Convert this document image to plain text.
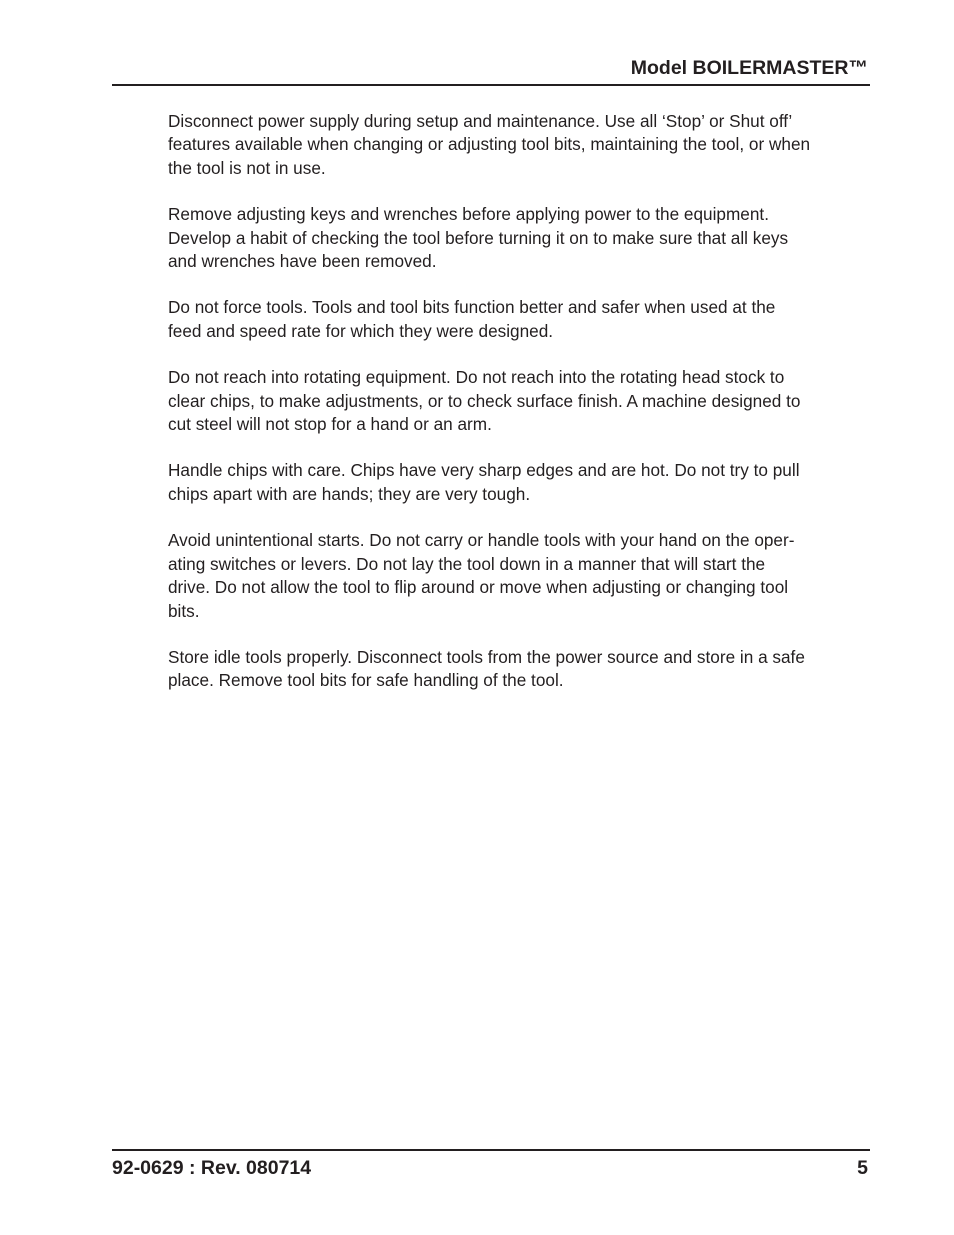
Model BOILERMASTER™

Disconnect power supply during setup and maintenance. Use all ‘Stop’ or Shut off’
features available when changing or adjusting tool bits, maintaining the tool, or when
the tool is not in use.

Remove adjusting keys and wrenches before applying power to the equipment.
Develop a habit of checking the tool before turning it on to make sure that all keys
and wrenches have been removed.

Do not force tools. Tools and tool bits function better and safer when used at the
feed and speed rate for which they were designed.

Do not reach into rotating equipment. Do not reach into the rotating head stock to
clear chips, to make adjustments, or to check surface finish. A machine designed to
cut steel will not stop for a hand or an arm.

Handle chips with care. Chips have very sharp edges and are hot. Do not try to pull
chips apart with are hands; they are very tough.

Avoid unintentional starts. Do not carry or handle tools with your hand on the oper-
ating switches or levers. Do not lay the tool down in a manner that will start the
drive. Do not allow the tool to flip around or move when adjusting or changing tool
bits.

Store idle tools properly. Disconnect tools from the power source and store in a safe
place. Remove tool bits for safe handling of the tool.

92-0629 : Rev. 080714	5
